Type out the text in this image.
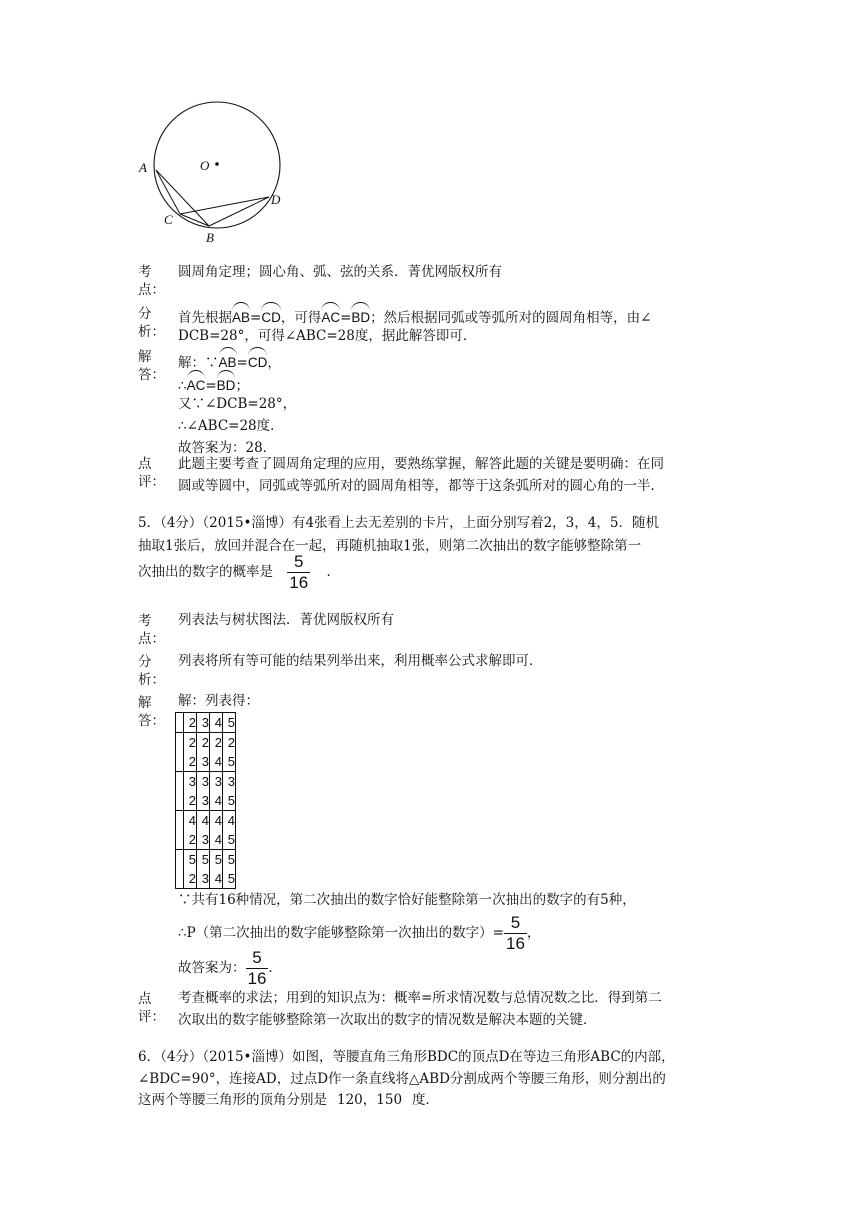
A	O
C
D
B
考
点：
圆周角定理；圆心角、弧、弦的关系．菁优网版权所有
分
析：
首先根据AB=CD，可得AC=BD；然后根据同弧或等弧所对的圆周角相等，由∠
DCB=28°，可得∠ABC=28度，据此解答即可．
解
答：
解：∵AB=CD，
∴AC=BD；
又∵∠DCB=28°，
∴∠ABC=28度．
故答案为：28．
点
评：
此题主要考查了圆周角定理的应用，要熟练掌握，解答此题的关键是要明确：在同
圆或等圆中，同弧或等弧所对的圆周角相等，都等于这条弧所对的圆心角的一半．
5．（4分）（2015•淄博）有4张看上去无差别的卡片，上面分别写着2，3，4，5．随机
抽取1张后，放回并混合在一起，再随机抽取1张，则第二次抽出的数字能够整除第一
次抽出的数字的概率是 $\frac{5}{16}$ ．
考
点：
列表法与树状图法．菁优网版权所有
分
析：
列表将所有等可能的结果列举出来，利用概率公式求解即可．
解
答：
解：列表得：
	2	3	4	5
	2	2	2	2
	2	3	4	5
	3	3	3	3
	2	3	4	5
	4	4	4	4
	2	3	4	5
	5	5	5	5
	2	3	4	5
∵共有16种情况，第二次抽出的数字恰好能整除第一次抽出的数字的有5种，
∴P（第二次抽出的数字能够整除第一次抽出的数字）= $\frac{5}{16}$ ，
故答案为： $\frac{5}{16}$ ．
点
评：
考查概率的求法；用到的知识点为：概率=所求情况数与总情况数之比．得到第二
次取出的数字能够整除第一次取出的数字的情况数是解决本题的关键．
6．（4分）（2015•淄博）如图，等腰直角三角形BDC的顶点D在等边三角形ABC的内部，
∠BDC=90°，连接AD，过点D作一条直线将△ABD分割成两个等腰三角形，则分割出的
这两个等腰三角形的顶角分别是 120，150 度．
